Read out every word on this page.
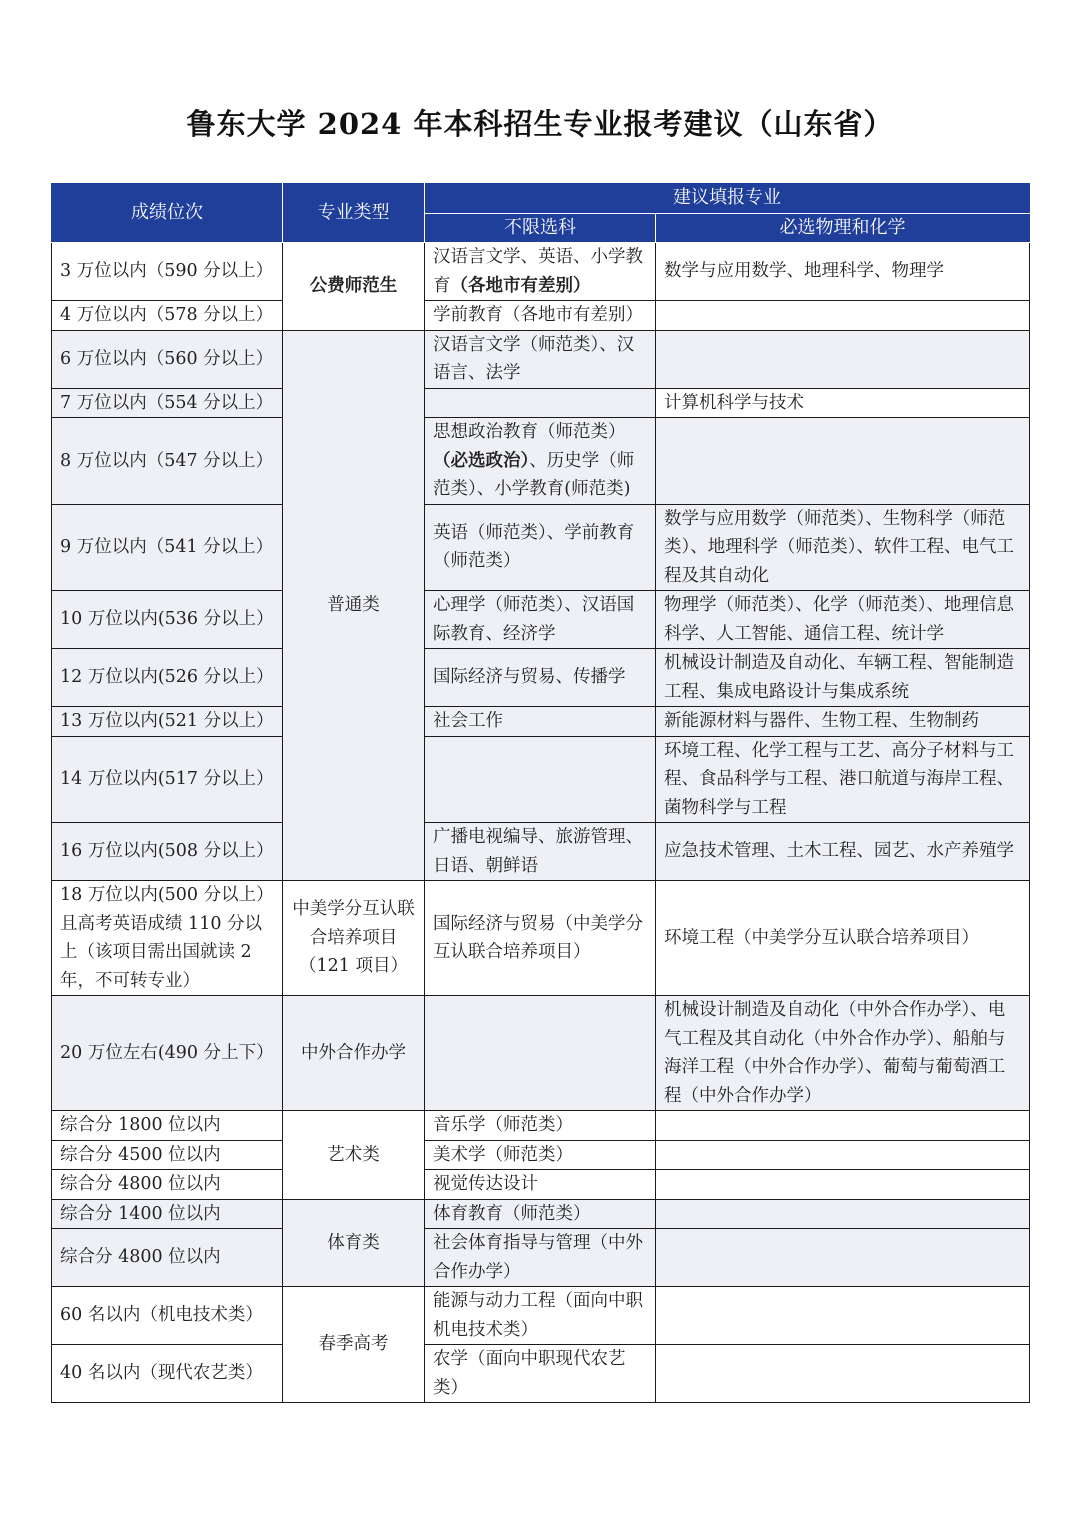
鲁东大学 2024 年本科招生专业报考建议（山东省）
成绩位次	专业类型	建议填报专业	
		不限选科	必选物理和化学
3 万位以内（590 分以上）	公费师范生	汉语言文学、英语、小学教育（各地市有差别）	数学与应用数学、地理科学、物理学
4 万位以内（578 分以上）		学前教育（各地市有差别）	
6 万位以内（560 分以上）	普通类	汉语言文学（师范类）、汉语言、法学	
7 万位以内（554 分以上）			计算机科学与技术
8 万位以内（547 分以上）		思想政治教育（师范类）（必选政治）、历史学（师范类）、小学教育(师范类)	
9 万位以内（541 分以上）		英语（师范类）、学前教育（师范类）	数学与应用数学（师范类）、生物科学（师范类）、地理科学（师范类）、软件工程、电气工程及其自动化
10 万位以内(536 分以上）		心理学（师范类）、汉语国际教育、经济学	物理学（师范类）、化学（师范类）、地理信息科学、人工智能、通信工程、统计学
12 万位以内(526 分以上）		国际经济与贸易、传播学	机械设计制造及自动化、车辆工程、智能制造工程、集成电路设计与集成系统
13 万位以内(521 分以上）		社会工作	新能源材料与器件、生物工程、生物制药
14 万位以内(517 分以上）			环境工程、化学工程与工艺、高分子材料与工程、食品科学与工程、港口航道与海岸工程、菌物科学与工程
16 万位以内(508 分以上）		广播电视编导、旅游管理、日语、朝鲜语	应急技术管理、土木工程、园艺、水产养殖学
18 万位以内(500 分以上）且高考英语成绩 110 分以上（该项目需出国就读 2 年，不可转专业）	中美学分互认联合培养项目（121 项目）	国际经济与贸易（中美学分互认联合培养项目）	环境工程（中美学分互认联合培养项目）
20 万位左右(490 分上下）	中外合作办学		机械设计制造及自动化（中外合作办学）、电气工程及其自动化（中外合作办学）、船舶与海洋工程（中外合作办学）、葡萄与葡萄酒工程（中外合作办学）
综合分 1800 位以内	艺术类	音乐学（师范类）	
综合分 4500 位以内		美术学（师范类）	
综合分 4800 位以内		视觉传达设计	
综合分 1400 位以内	体育类	体育教育（师范类）	
综合分 4800 位以内		社会体育指导与管理（中外合作办学）	
60 名以内（机电技术类）	春季高考	能源与动力工程（面向中职机电技术类）	
40 名以内（现代农艺类）		农学（面向中职现代农艺类）	
